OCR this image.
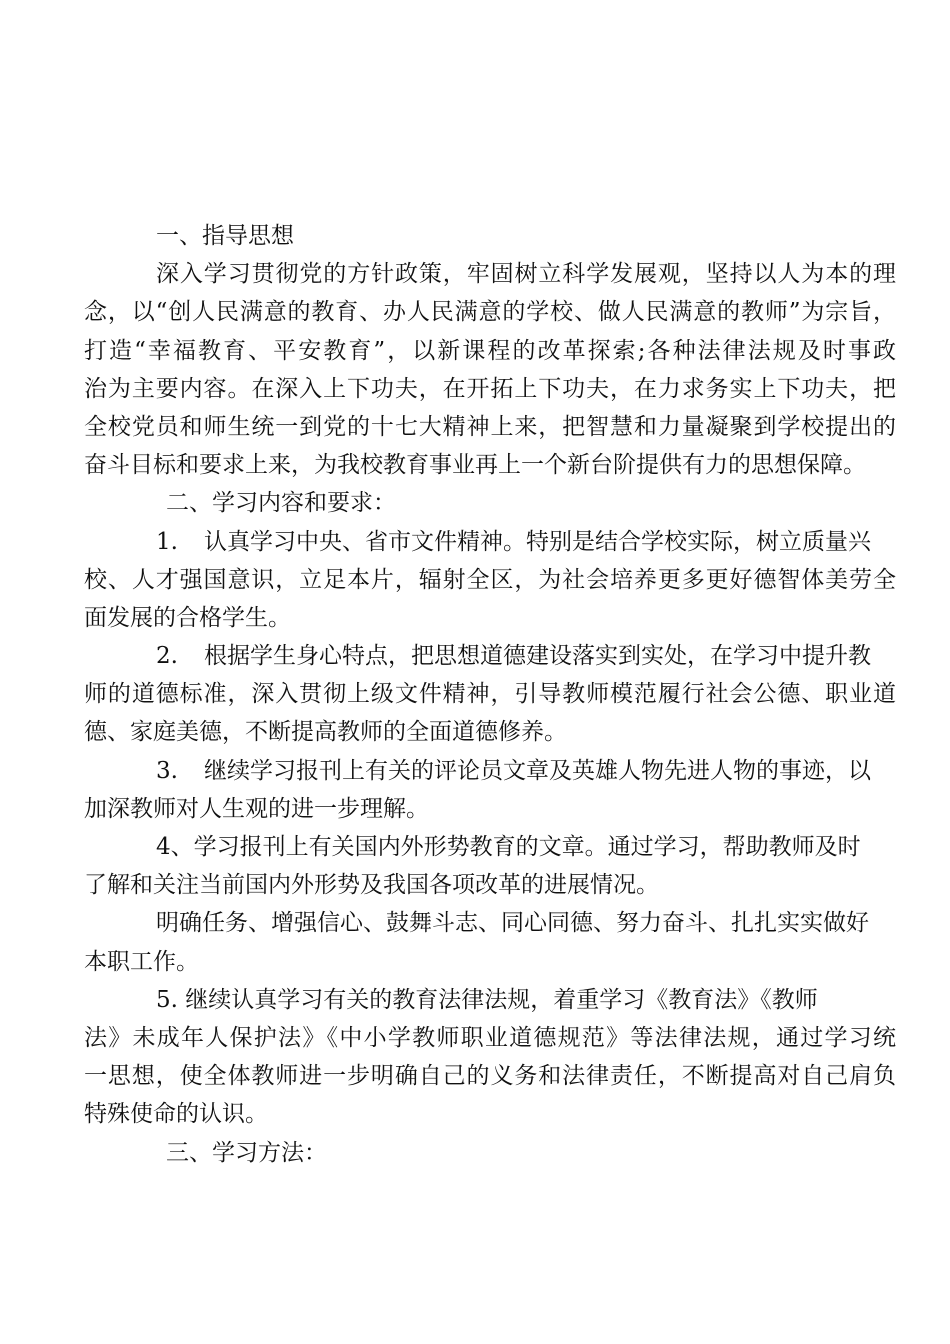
一、指导思想
深入学习贯彻党的方针政策，牢固树立科学发展观，坚持以人为本的理
念，以“创人民满意的教育、办人民满意的学校、做人民满意的教师”为宗旨，
打造“幸福教育、平安教育”，以新课程的改革探索;各种法律法规及时事政
治为主要内容。在深入上下功夫，在开拓上下功夫，在力求务实上下功夫，把
全校党员和师生统一到党的十七大精神上来，把智慧和力量凝聚到学校提出的
奋斗目标和要求上来，为我校教育事业再上一个新台阶提供有力的思想保障。
二、学习内容和要求：
1. 认真学习中央、省市文件精神。特别是结合学校实际，树立质量兴
校、人才强国意识，立足本片，辐射全区，为社会培养更多更好德智体美劳全
面发展的合格学生。
2. 根据学生身心特点，把思想道德建设落实到实处，在学习中提升教
师的道德标准，深入贯彻上级文件精神，引导教师模范履行社会公德、职业道
德、家庭美德，不断提高教师的全面道德修养。
3. 继续学习报刊上有关的评论员文章及英雄人物先进人物的事迹，以
加深教师对人生观的进一步理解。
4、学习报刊上有关国内外形势教育的文章。通过学习，帮助教师及时
了解和关注当前国内外形势及我国各项改革的进展情况。
明确任务、增强信心、鼓舞斗志、同心同德、努力奋斗、扎扎实实做好
本职工作。
5. 继续认真学习有关的教育法律法规，着重学习《教育法》《教师
法》未成年人保护法》《中小学教师职业道德规范》等法律法规，通过学习统
一思想，使全体教师进一步明确自己的义务和法律责任，不断提高对自己肩负
特殊使命的认识。
三、学习方法：
